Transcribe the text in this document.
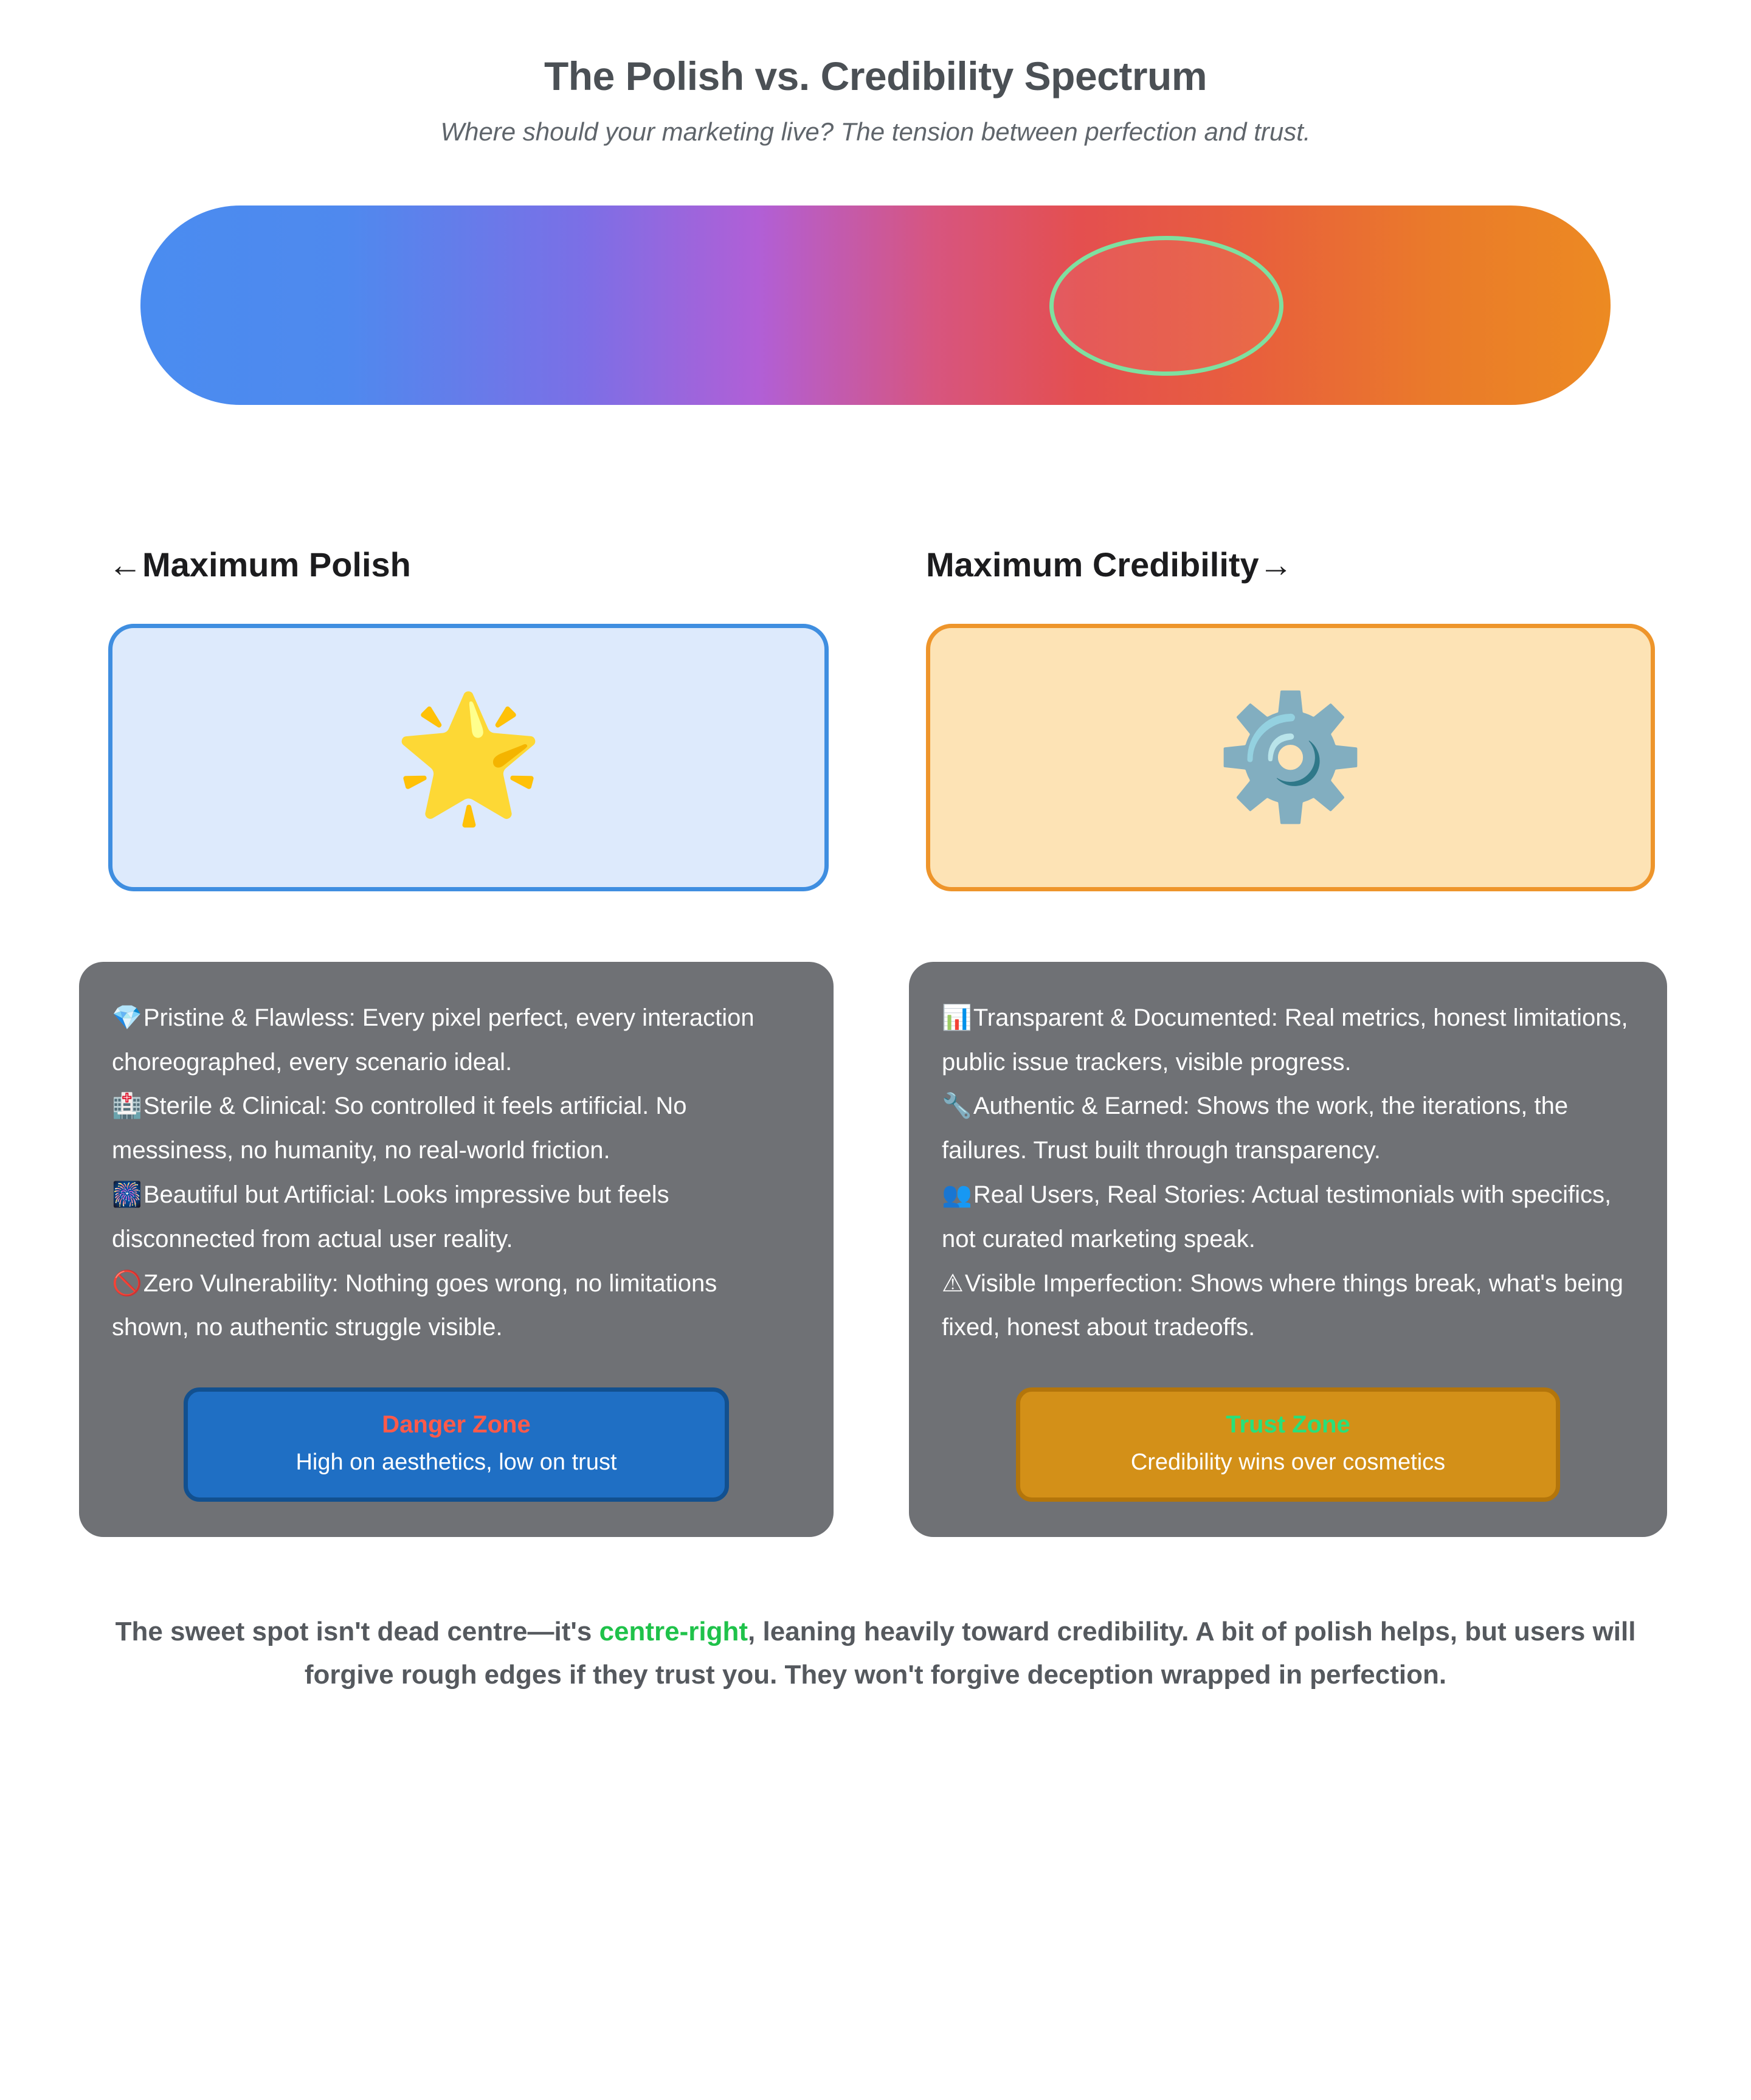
The Polish vs. Credibility Spectrum

Where should your marketing live? The tension between perfection and trust.

←Maximum Polish
🌟
💎Pristine & Flawless: Every pixel perfect, every interaction choreographed, every scenario ideal.
🏥Sterile & Clinical: So controlled it feels artificial. No messiness, no humanity, no real-world friction.
🎆Beautiful but Artificial: Looks impressive but feels disconnected from actual user reality.
🚫Zero Vulnerability: Nothing goes wrong, no limitations shown, no authentic struggle visible.
Danger Zone
High on aesthetics, low on trust
Maximum Credibility→
⚙️
📊Transparent & Documented: Real metrics, honest limitations, public issue trackers, visible progress.
🔧Authentic & Earned: Shows the work, the iterations, the failures. Trust built through transparency.
👥Real Users, Real Stories: Actual testimonials with specifics, not curated marketing speak.
⚠Visible Imperfection: Shows where things break, what's being fixed, honest about tradeoffs.
Trust Zone
Credibility wins over cosmetics
The sweet spot isn't dead centre—it's centre-right, leaning heavily toward credibility. A bit of polish helps, but users will forgive rough edges if they trust you. They won't forgive deception wrapped in perfection.
